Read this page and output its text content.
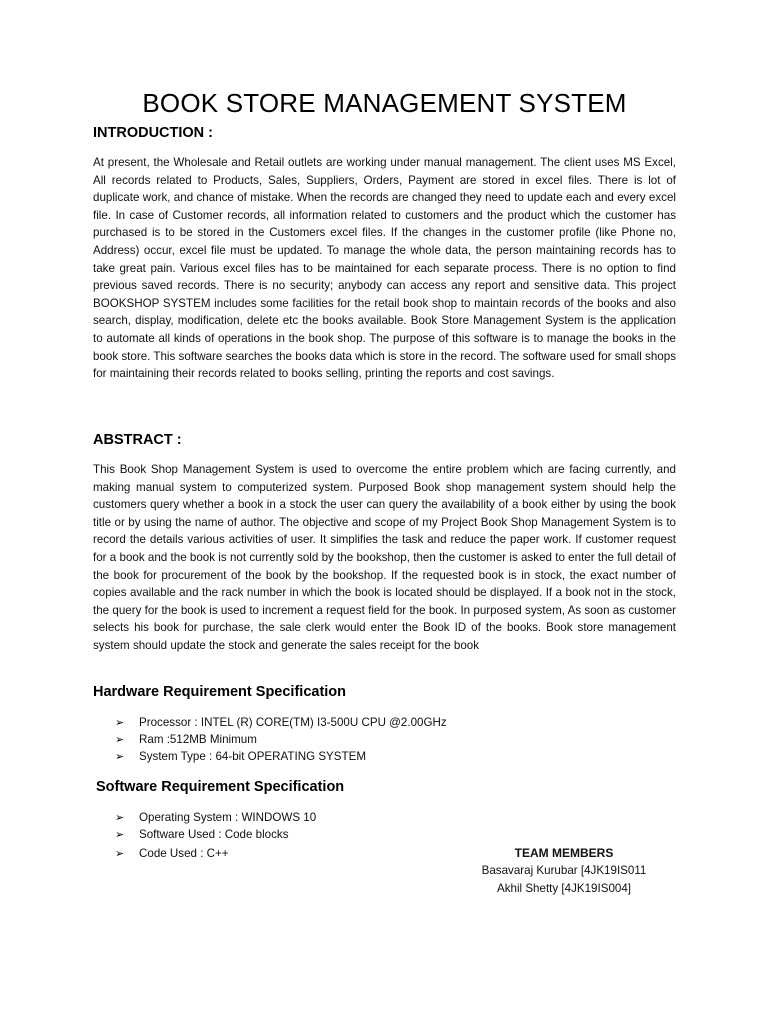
BOOK STORE MANAGEMENT SYSTEM
INTRODUCTION :

At present, the Wholesale and Retail outlets are working under manual management. The client uses MS Excel, All records related to Products, Sales, Suppliers, Orders, Payment are stored in excel files. There is lot of duplicate work, and chance of mistake. When the records are changed they need to update each and every excel file. In case of Customer records, all information related to customers and the product which the customer has purchased is to be stored in the Customers excel files. If the changes in the customer profile (like Phone no, Address) occur, excel file must be updated. To manage the whole data, the person maintaining records has to take great pain. Various excel files has to be maintained for each separate process. There is no option to find previous saved records. There is no security; anybody can access any report and sensitive data. This project BOOKSHOP SYSTEM includes some facilities for the retail book shop to maintain records of the books and also search, display, modification, delete etc the books available. Book Store Management System is the application to automate all kinds of operations in the book shop. The purpose of this software is to manage the books in the book store. This software searches the books data which is store in the record. The software used for small shops for maintaining their records related to books selling, printing the reports and cost savings.

ABSTRACT :

This Book Shop Management System is used to overcome the entire problem which are facing currently, and making manual system to computerized system. Purposed Book shop management system should help the customers query whether a book in a stock the user can query the availability of a book either by using the book title or by using the name of author. The objective and scope of my Project Book Shop Management System is to record the details various activities of user. It simplifies the task and reduce the paper work. If customer request for a book and the book is not currently sold by the bookshop, then the customer is asked to enter the full detail of the book for procurement of the book by the bookshop. If the requested book is in stock, the exact number of copies available and the rack number in which the book is located should be displayed. If a book not in the stock, the query for the book is used to increment a request field for the book. In purposed system, As soon as customer selects his book for purchase, the sale clerk would enter the Book ID of the books. Book store management system should update the stock and generate the sales receipt for the book

Hardware Requirement Specification
➢	Processor : INTEL (R) CORE(TM) I3-500U CPU @2.00GHz
➢	Ram :512MB Minimum
➢	System Type : 64-bit OPERATING SYSTEM
Software Requirement Specification
➢	Operating System : WINDOWS 10
➢	Software Used : Code blocks
➢	Code Used : C++	TEAM MEMBERS
Basavaraj Kurubar [4JK19IS011
Akhil Shetty [4JK19IS004]
